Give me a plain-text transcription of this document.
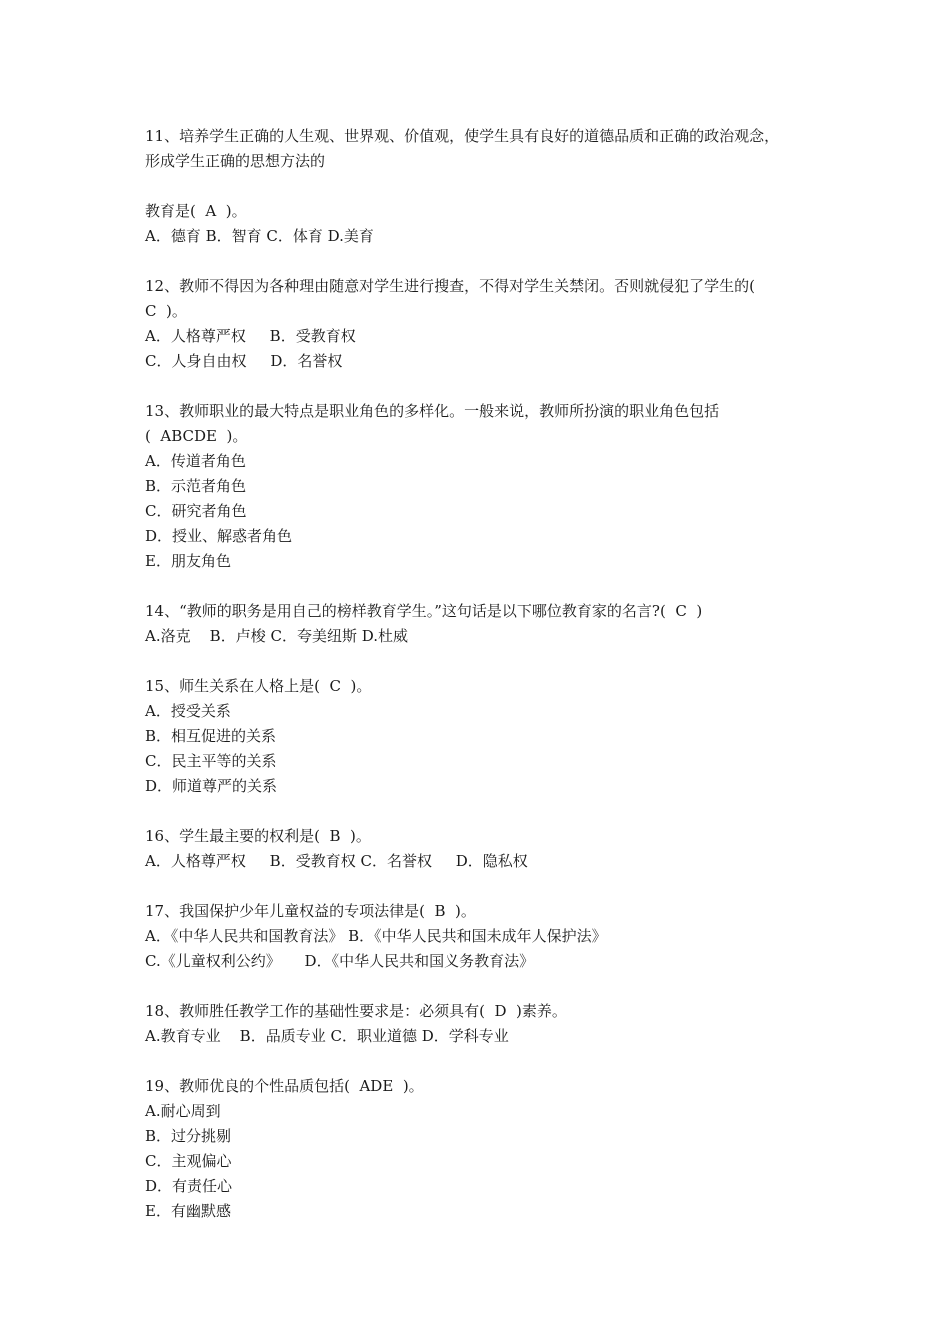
11、培养学生正确的人生观、世界观、价值观，使学生具有良好的道德品质和正确的政治观念，
形成学生正确的思想方法的
教育是(  A  )。
A．德育 B．智育 C．体育 D.美育
12、教师不得因为各种理由随意对学生进行搜查，不得对学生关禁闭。否则就侵犯了学生的(
C  )。
A．人格尊严权     B．受教育权
C．人身自由权     D．名誉权
13、教师职业的最大特点是职业角色的多样化。一般来说，教师所扮演的职业角色包括
(  ABCDE  )。
A．传道者角色
B．示范者角色
C．研究者角色
D．授业、解惑者角色
E．朋友角色
14、“教师的职务是用自己的榜样教育学生。”这句话是以下哪位教育家的名言?(  C  )
A.洛克    B．卢梭 C．夸美纽斯 D.杜威
15、师生关系在人格上是(  C  )。
A．授受关系
B．相互促进的关系
C．民主平等的关系
D．师道尊严的关系
16、学生最主要的权利是(  B  )。
A．人格尊严权     B．受教育权 C．名誉权     D．隐私权
17、我国保护少年儿童权益的专项法律是(  B  )。
A．《中华人民共和国教育法》 B．《中华人民共和国未成年人保护法》
C.《儿童权利公约》     D．《中华人民共和国义务教育法》
18、教师胜任教学工作的基础性要求是：必须具有(  D  )素养。
A.教育专业    B．品质专业 C．职业道德 D．学科专业
19、教师优良的个性品质包括(  ADE  )。
A.耐心周到
B．过分挑剔
C．主观偏心
D．有责任心
E．有幽默感
